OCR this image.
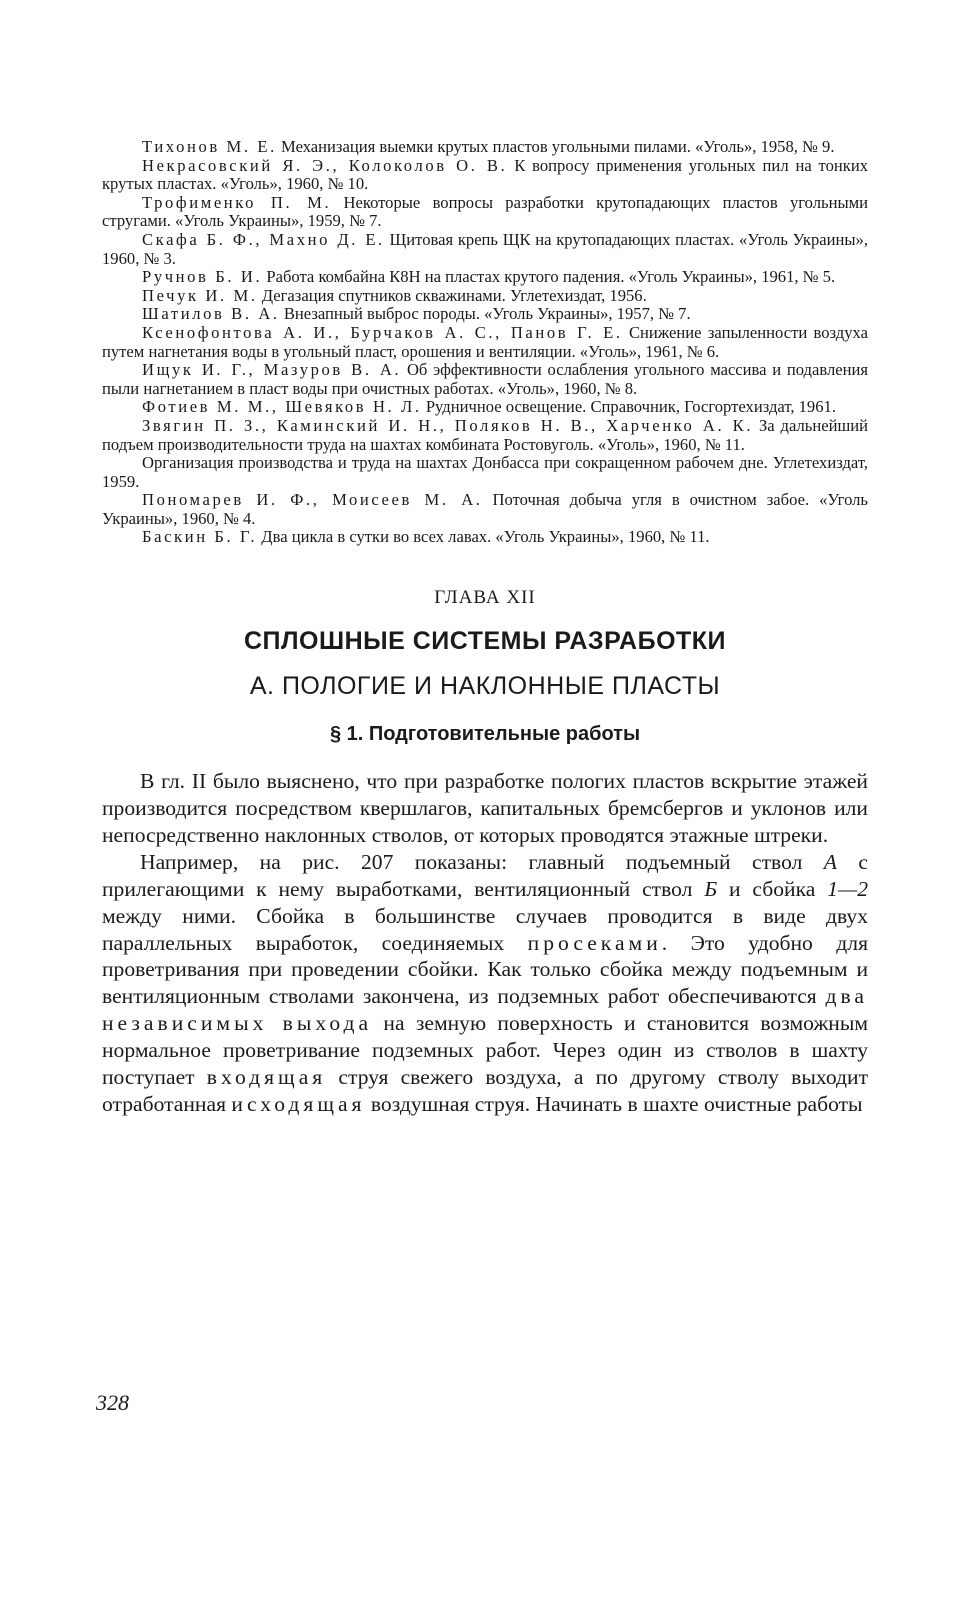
Тихонов М. Е. Механизация выемки крутых пластов угольными пилами. «Уголь», 1958, № 9.

Некрасовский Я. Э., Колоколов О. В. К вопросу применения угольных пил на тонких крутых пластах. «Уголь», 1960, № 10.

Трофименко П. М. Некоторые вопросы разработки крутопадающих пластов угольными стругами. «Уголь Украины», 1959, № 7.

Скафа Б. Ф., Махно Д. Е. Щитовая крепь ЩК на крутопадающих пластах. «Уголь Украины», 1960, № 3.

Ручнов Б. И. Работа комбайна К8Н на пластах крутого падения. «Уголь Украины», 1961, № 5.

Печук И. М. Дегазация спутников скважинами. Углетехиздат, 1956.

Шатилов В. А. Внезапный выброс породы. «Уголь Украины», 1957, № 7.

Ксенофонтова А. И., Бурчаков А. С., Панов Г. Е. Снижение запыленности воздуха путем нагнетания воды в угольный пласт, орошения и вентиляции. «Уголь», 1961, № 6.

Ищук И. Г., Мазуров В. А. Об эффективности ослабления угольного массива и подавления пыли нагнетанием в пласт воды при очистных работах. «Уголь», 1960, № 8.

Фотиев М. М., Шевяков Н. Л. Рудничное освещение. Справочник, Госгортехиздат, 1961.

Звягин П. З., Каминский И. Н., Поляков Н. В., Харченко А. К. За дальнейший подъем производительности труда на шахтах комбината Ростовуголь. «Уголь», 1960, № 11.

Организация производства и труда на шахтах Донбасса при сокращенном рабочем дне. Углетехиздат, 1959.

Пономарев И. Ф., Моисеев М. А. Поточная добыча угля в очистном забое. «Уголь Украины», 1960, № 4.

Баскин Б. Г. Два цикла в сутки во всех лавах. «Уголь Украины», 1960, № 11.

ГЛАВА XII
СПЛОШНЫЕ СИСТЕМЫ РАЗРАБОТКИ
А. ПОЛОГИЕ И НАКЛОННЫЕ ПЛАСТЫ
§ 1. Подготовительные работы

В гл. II было выяснено, что при разработке пологих пластов вскрытие этажей производится посредством квершлагов, капитальных бремсбергов и уклонов или непосредственно наклонных стволов, от которых проводятся этажные штреки.

Например, на рис. 207 показаны: главный подъемный ствол А с прилегающими к нему выработками, вентиляционный ствол Б и сбойка 1—2 между ними. Сбойка в большинстве случаев проводится в виде двух параллельных выработок, соединяемых просеками. Это удобно для проветривания при проведении сбойки. Как только сбойка между подъемным и вентиляционным стволами закончена, из подземных работ обеспечиваются два независимых выхода на земную поверхность и становится возможным нормальное проветривание подземных работ. Через один из стволов в шахту поступает входящая струя свежего воздуха, а по другому стволу выходит отработанная исходящая воздушная струя. Начинать в шахте очистные работы

328
